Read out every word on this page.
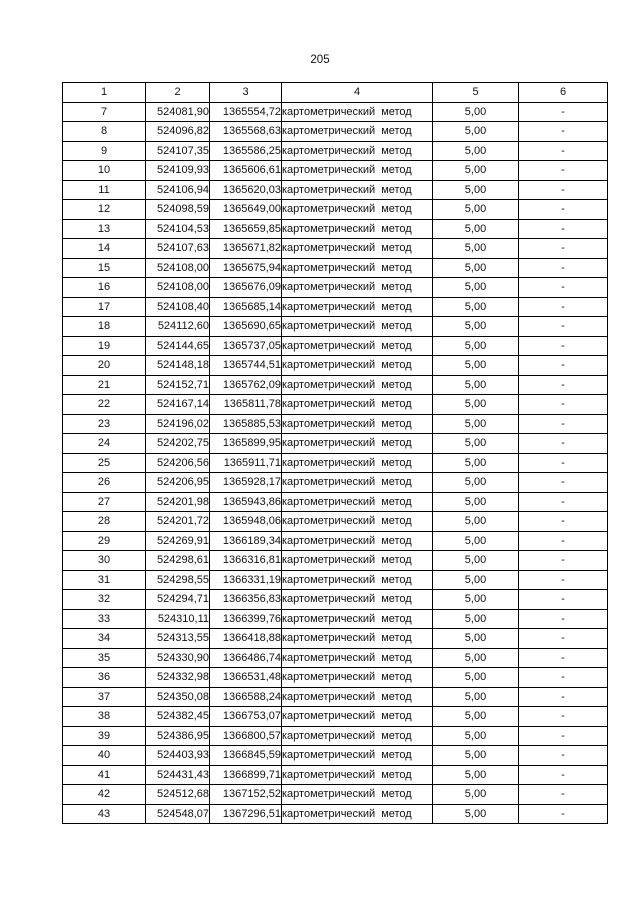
205
1	2	3	4	5	6
7	524081,90	1365554,72	картометрический метод	5,00	-
8	524096,82	1365568,63	картометрический метод	5,00	-
9	524107,35	1365586,25	картометрический метод	5,00	-
10	524109,93	1365606,61	картометрический метод	5,00	-
11	524106,94	1365620,03	картометрический метод	5,00	-
12	524098,59	1365649,00	картометрический метод	5,00	-
13	524104,53	1365659,85	картометрический метод	5,00	-
14	524107,63	1365671,82	картометрический метод	5,00	-
15	524108,00	1365675,94	картометрический метод	5,00	-
16	524108,00	1365676,09	картометрический метод	5,00	-
17	524108,40	1365685,14	картометрический метод	5,00	-
18	524112,60	1365690,65	картометрический метод	5,00	-
19	524144,65	1365737,05	картометрический метод	5,00	-
20	524148,18	1365744,51	картометрический метод	5,00	-
21	524152,71	1365762,09	картометрический метод	5,00	-
22	524167,14	1365811,78	картометрический метод	5,00	-
23	524196,02	1365885,53	картометрический метод	5,00	-
24	524202,75	1365899,95	картометрический метод	5,00	-
25	524206,56	1365911,71	картометрический метод	5,00	-
26	524206,95	1365928,17	картометрический метод	5,00	-
27	524201,98	1365943,86	картометрический метод	5,00	-
28	524201,72	1365948,06	картометрический метод	5,00	-
29	524269,91	1366189,34	картометрический метод	5,00	-
30	524298,61	1366316,81	картометрический метод	5,00	-
31	524298,55	1366331,19	картометрический метод	5,00	-
32	524294,71	1366356,83	картометрический метод	5,00	-
33	524310,11	1366399,76	картометрический метод	5,00	-
34	524313,55	1366418,88	картометрический метод	5,00	-
35	524330,90	1366486,74	картометрический метод	5,00	-
36	524332,98	1366531,48	картометрический метод	5,00	-
37	524350,08	1366588,24	картометрический метод	5,00	-
38	524382,45	1366753,07	картометрический метод	5,00	-
39	524386,95	1366800,57	картометрический метод	5,00	-
40	524403,93	1366845,59	картометрический метод	5,00	-
41	524431,43	1366899,71	картометрический метод	5,00	-
42	524512,68	1367152,52	картометрический метод	5,00	-
43	524548,07	1367296,51	картометрический метод	5,00	-
